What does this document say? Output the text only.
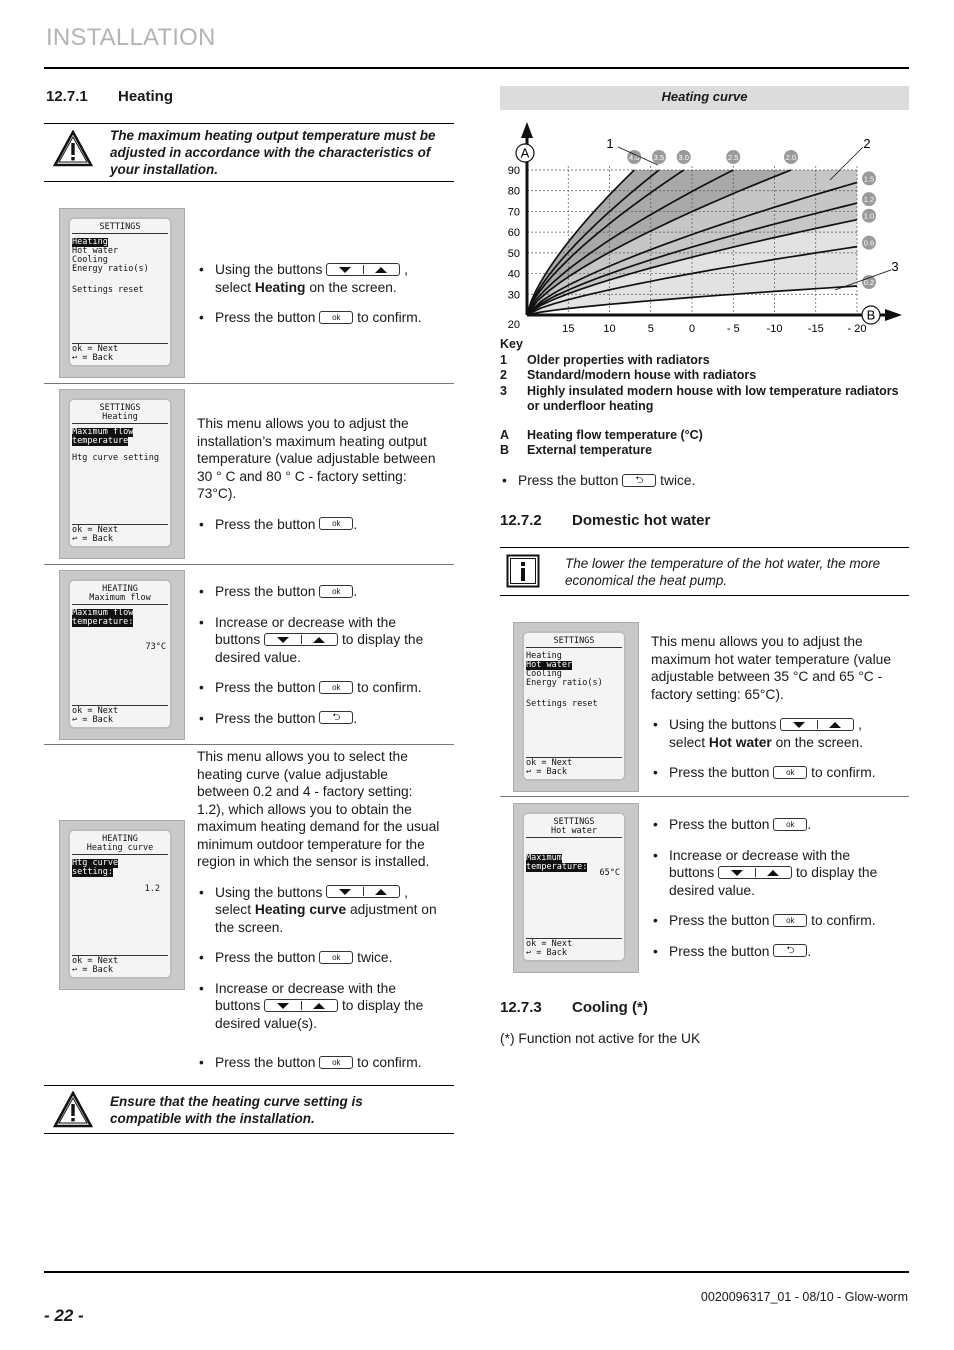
INSTALLATION
12.7.1 Heating
The maximum heating output temperature must be
adjusted in accordance with the characteristics of
your installation.
SETTINGS
Heating
Hot water
Cooling
Energy ratio(s)
Settings reset
ok = Next
↩ = Back
• Using the buttons	,
select Heating on the screen.
• Press the button ok to confirm.
SETTINGS
Heating
Maximum flow
temperature
Htg curve setting
ok = Next
↩ = Back
This menu allows you to adjust the
installation’s maximum heating output
temperature (value adjustable between
30 ° C and 80 ° C - factory setting:
73°C).
• Press the button ok .
HEATING
Maximum flow
Maximum flow
temperature:
73°C
ok = Next
↩ = Back
• Press the button ok .
• Increase or decrease with the
buttons	to display the
desired value.
• Press the button ok to confirm.
• Press the button ⮌ .
HEATING
Heating curve
Htg curve
setting:
1.2
ok = Next
↩ = Back
This menu allows you to select the
heating curve (value adjustable
between 0.2 and 4 - factory setting:
1.2), which allows you to obtain the
maximum heating demand for the usual
minimum outdoor temperature for the
region in which the sensor is installed.
• Using the buttons	,
select Heating curve adjustment on
the screen.
• Press the button ok twice.
• Increase or decrease with the
buttons	to display the
desired value(s).
• Press the button ok to confirm.
Ensure that the heating curve setting is
compatible with the installation.
Heating curve
4.0 3.5 3.0	2.5	2.0
1.5
1.2
1.0
0.6
0.2
90
80
70
60
50
40
30
20	15	10	5	0	- 5 -10 -15 - 20
A
B
1	2
3
Key
1 Older properties with radiators
2 Standard/modern house with radiators
3 Highly insulated modern house with low temperature radiators
or underfloor heating
A Heating flow temperature (°C)
B External temperature
• Press the button ⮌ twice.
12.7.2 Domestic hot water
The lower the temperature of the hot water, the more
economical the heat pump.
SETTINGS
Heating
Hot water
Cooling
Energy ratio(s)
Settings reset
ok = Next
↩ = Back
This menu allows you to adjust the
maximum hot water temperature (value
adjustable between 35 °C and 65 °C -
factory setting: 65°C).
• Using the buttons	,
select Hot water on the screen.
• Press the button ok to confirm.
SETTINGS
Hot water
Maximum
temperature:
65°C
ok = Next
↩ = Back
• Press the button ok .
• Increase or decrease with the
buttons	to display the
desired value.
• Press the button ok to confirm.
• Press the button ⮌ .
12.7.3 Cooling (*)
(*) Function not active for the UK
0020096317_01 - 08/10 - Glow-worm
- 22 -
